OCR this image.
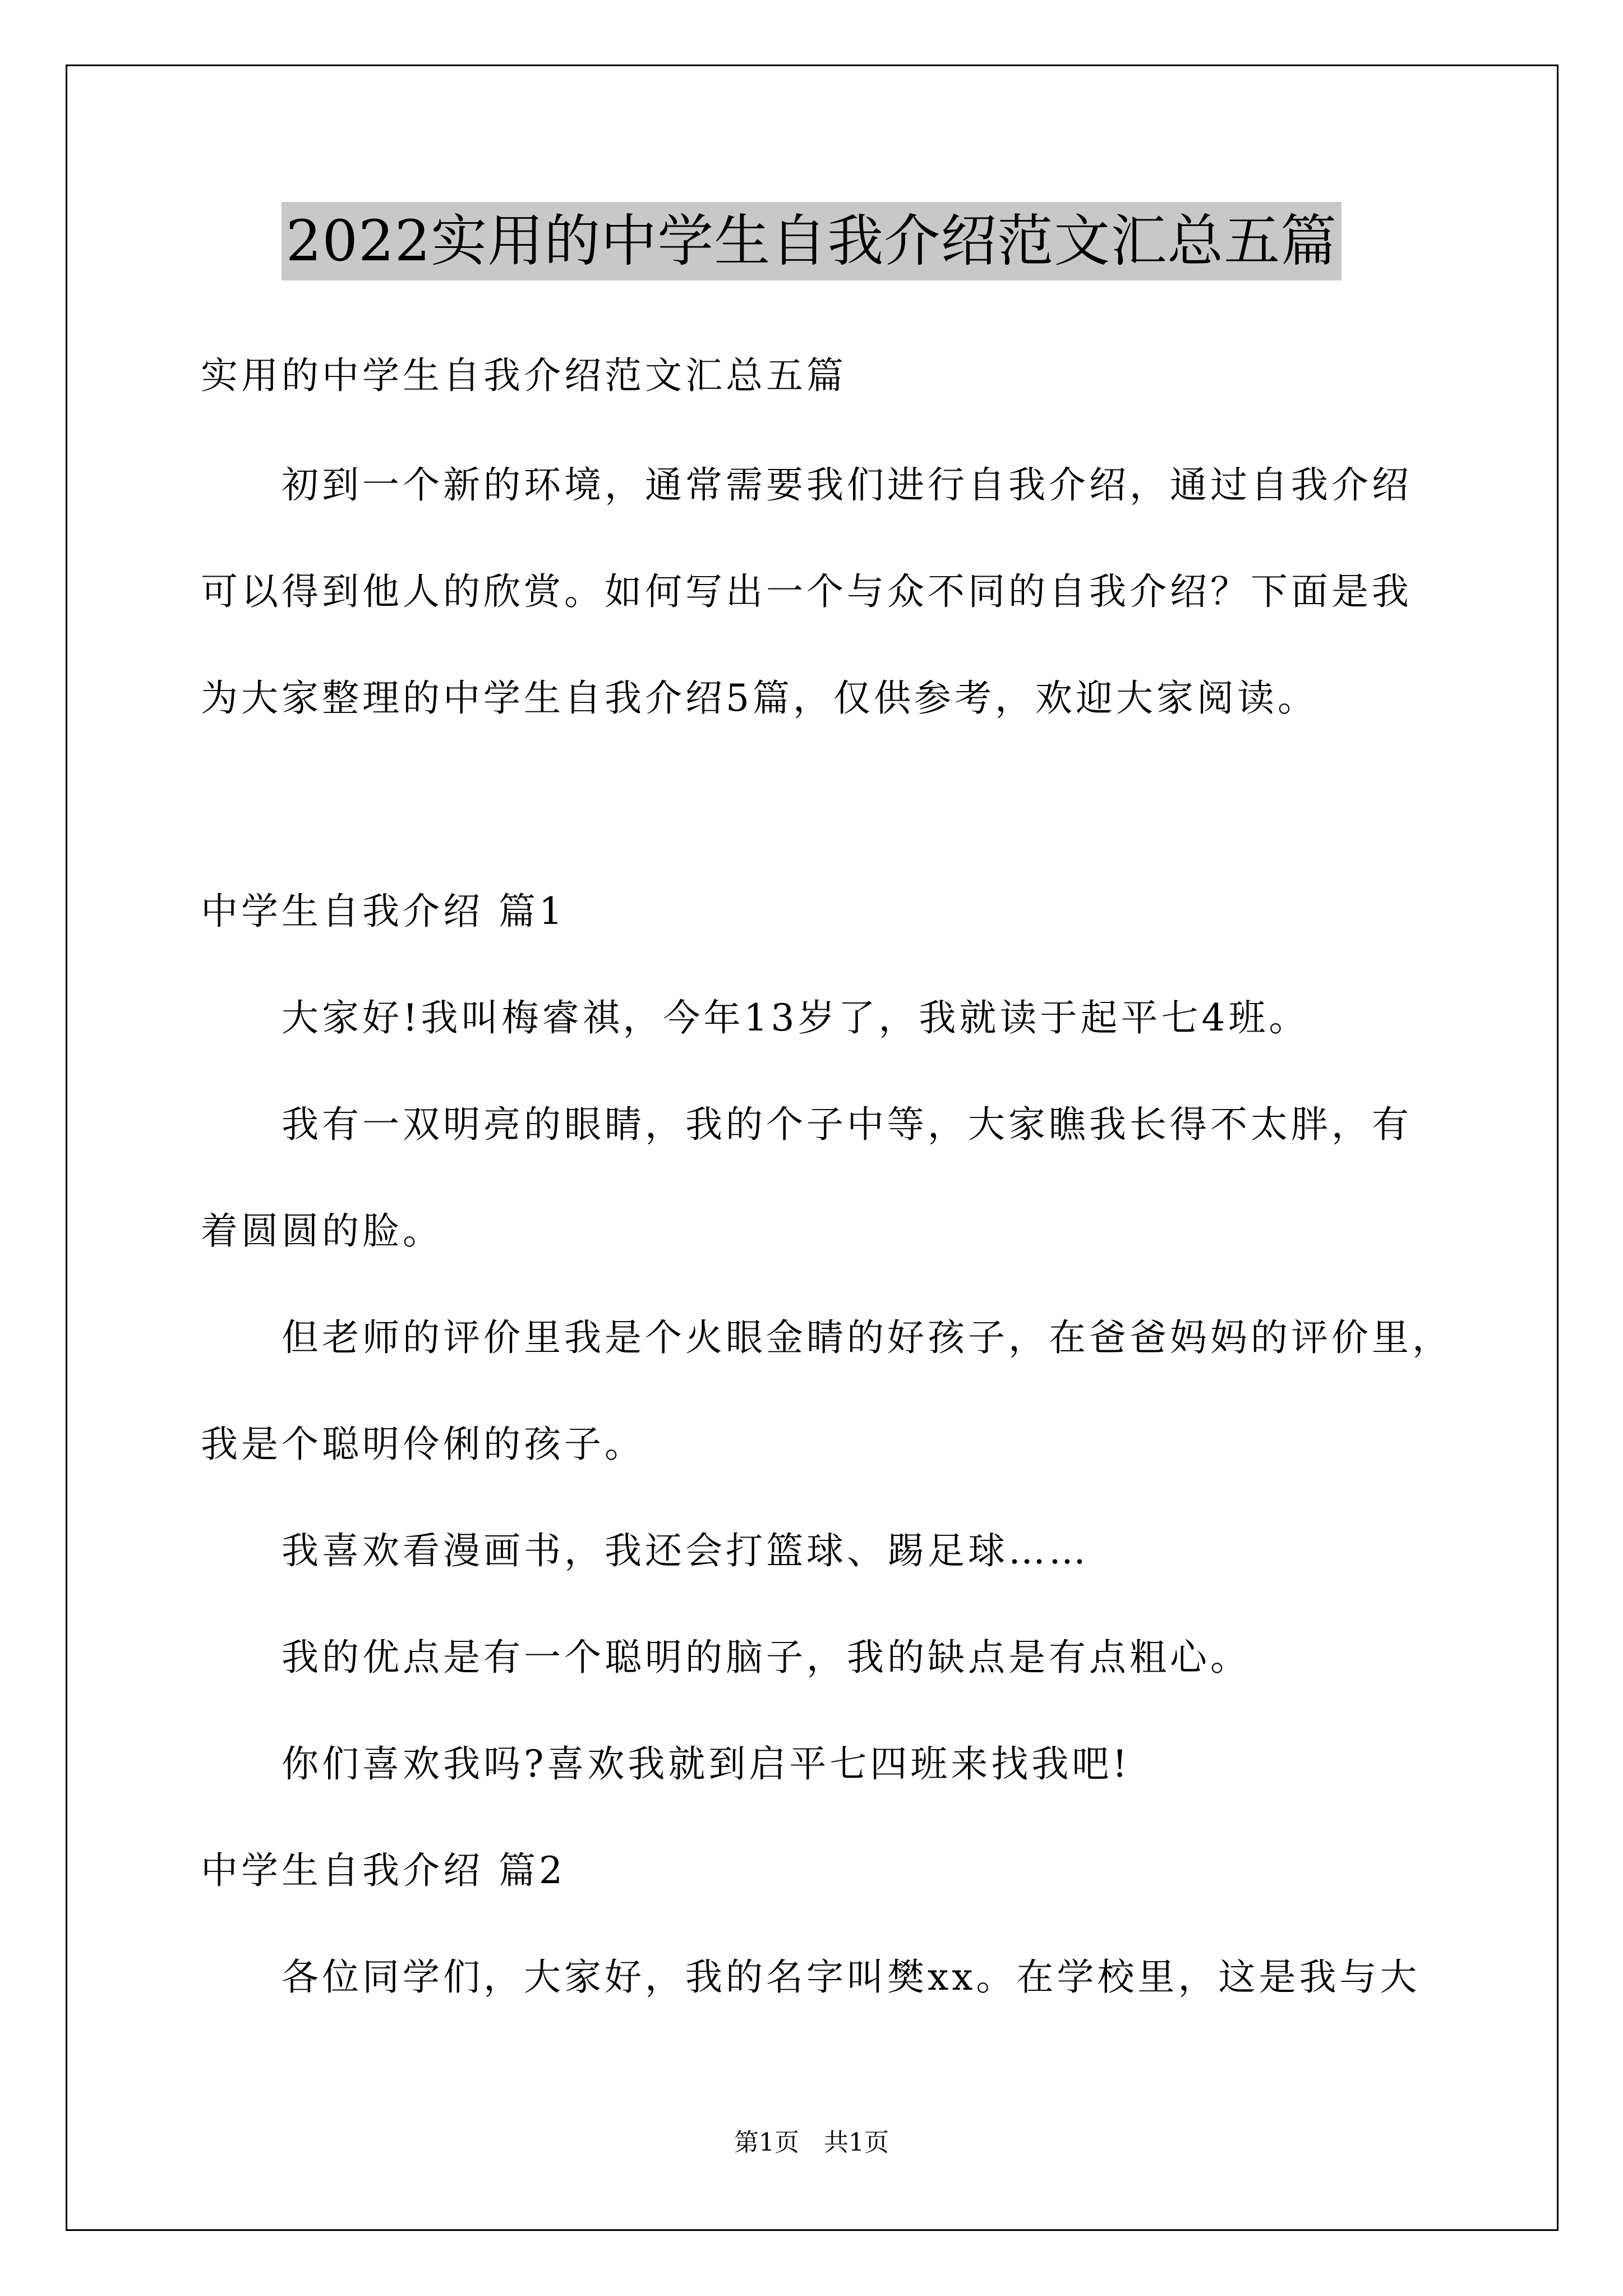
2022实用的中学生自我介绍范文汇总五篇
实用的中学生自我介绍范文汇总五篇
初到一个新的环境，通常需要我们进行自我介绍，通过自我介绍
可以得到他人的欣赏。如何写出一个与众不同的自我介绍？下面是我
为大家整理的中学生自我介绍5篇，仅供参考，欢迎大家阅读。
中学生自我介绍 篇1
大家好!我叫梅睿祺，今年13岁了，我就读于起平七4班。
我有一双明亮的眼睛，我的个子中等，大家瞧我长得不太胖，有
着圆圆的脸。
但老师的评价里我是个火眼金睛的好孩子，在爸爸妈妈的评价里，
我是个聪明伶俐的孩子。
我喜欢看漫画书，我还会打篮球、踢足球……
我的优点是有一个聪明的脑子，我的缺点是有点粗心。
你们喜欢我吗?喜欢我就到启平七四班来找我吧!
中学生自我介绍 篇2
各位同学们，大家好，我的名字叫樊xx。在学校里，这是我与大
第1页　共1页
